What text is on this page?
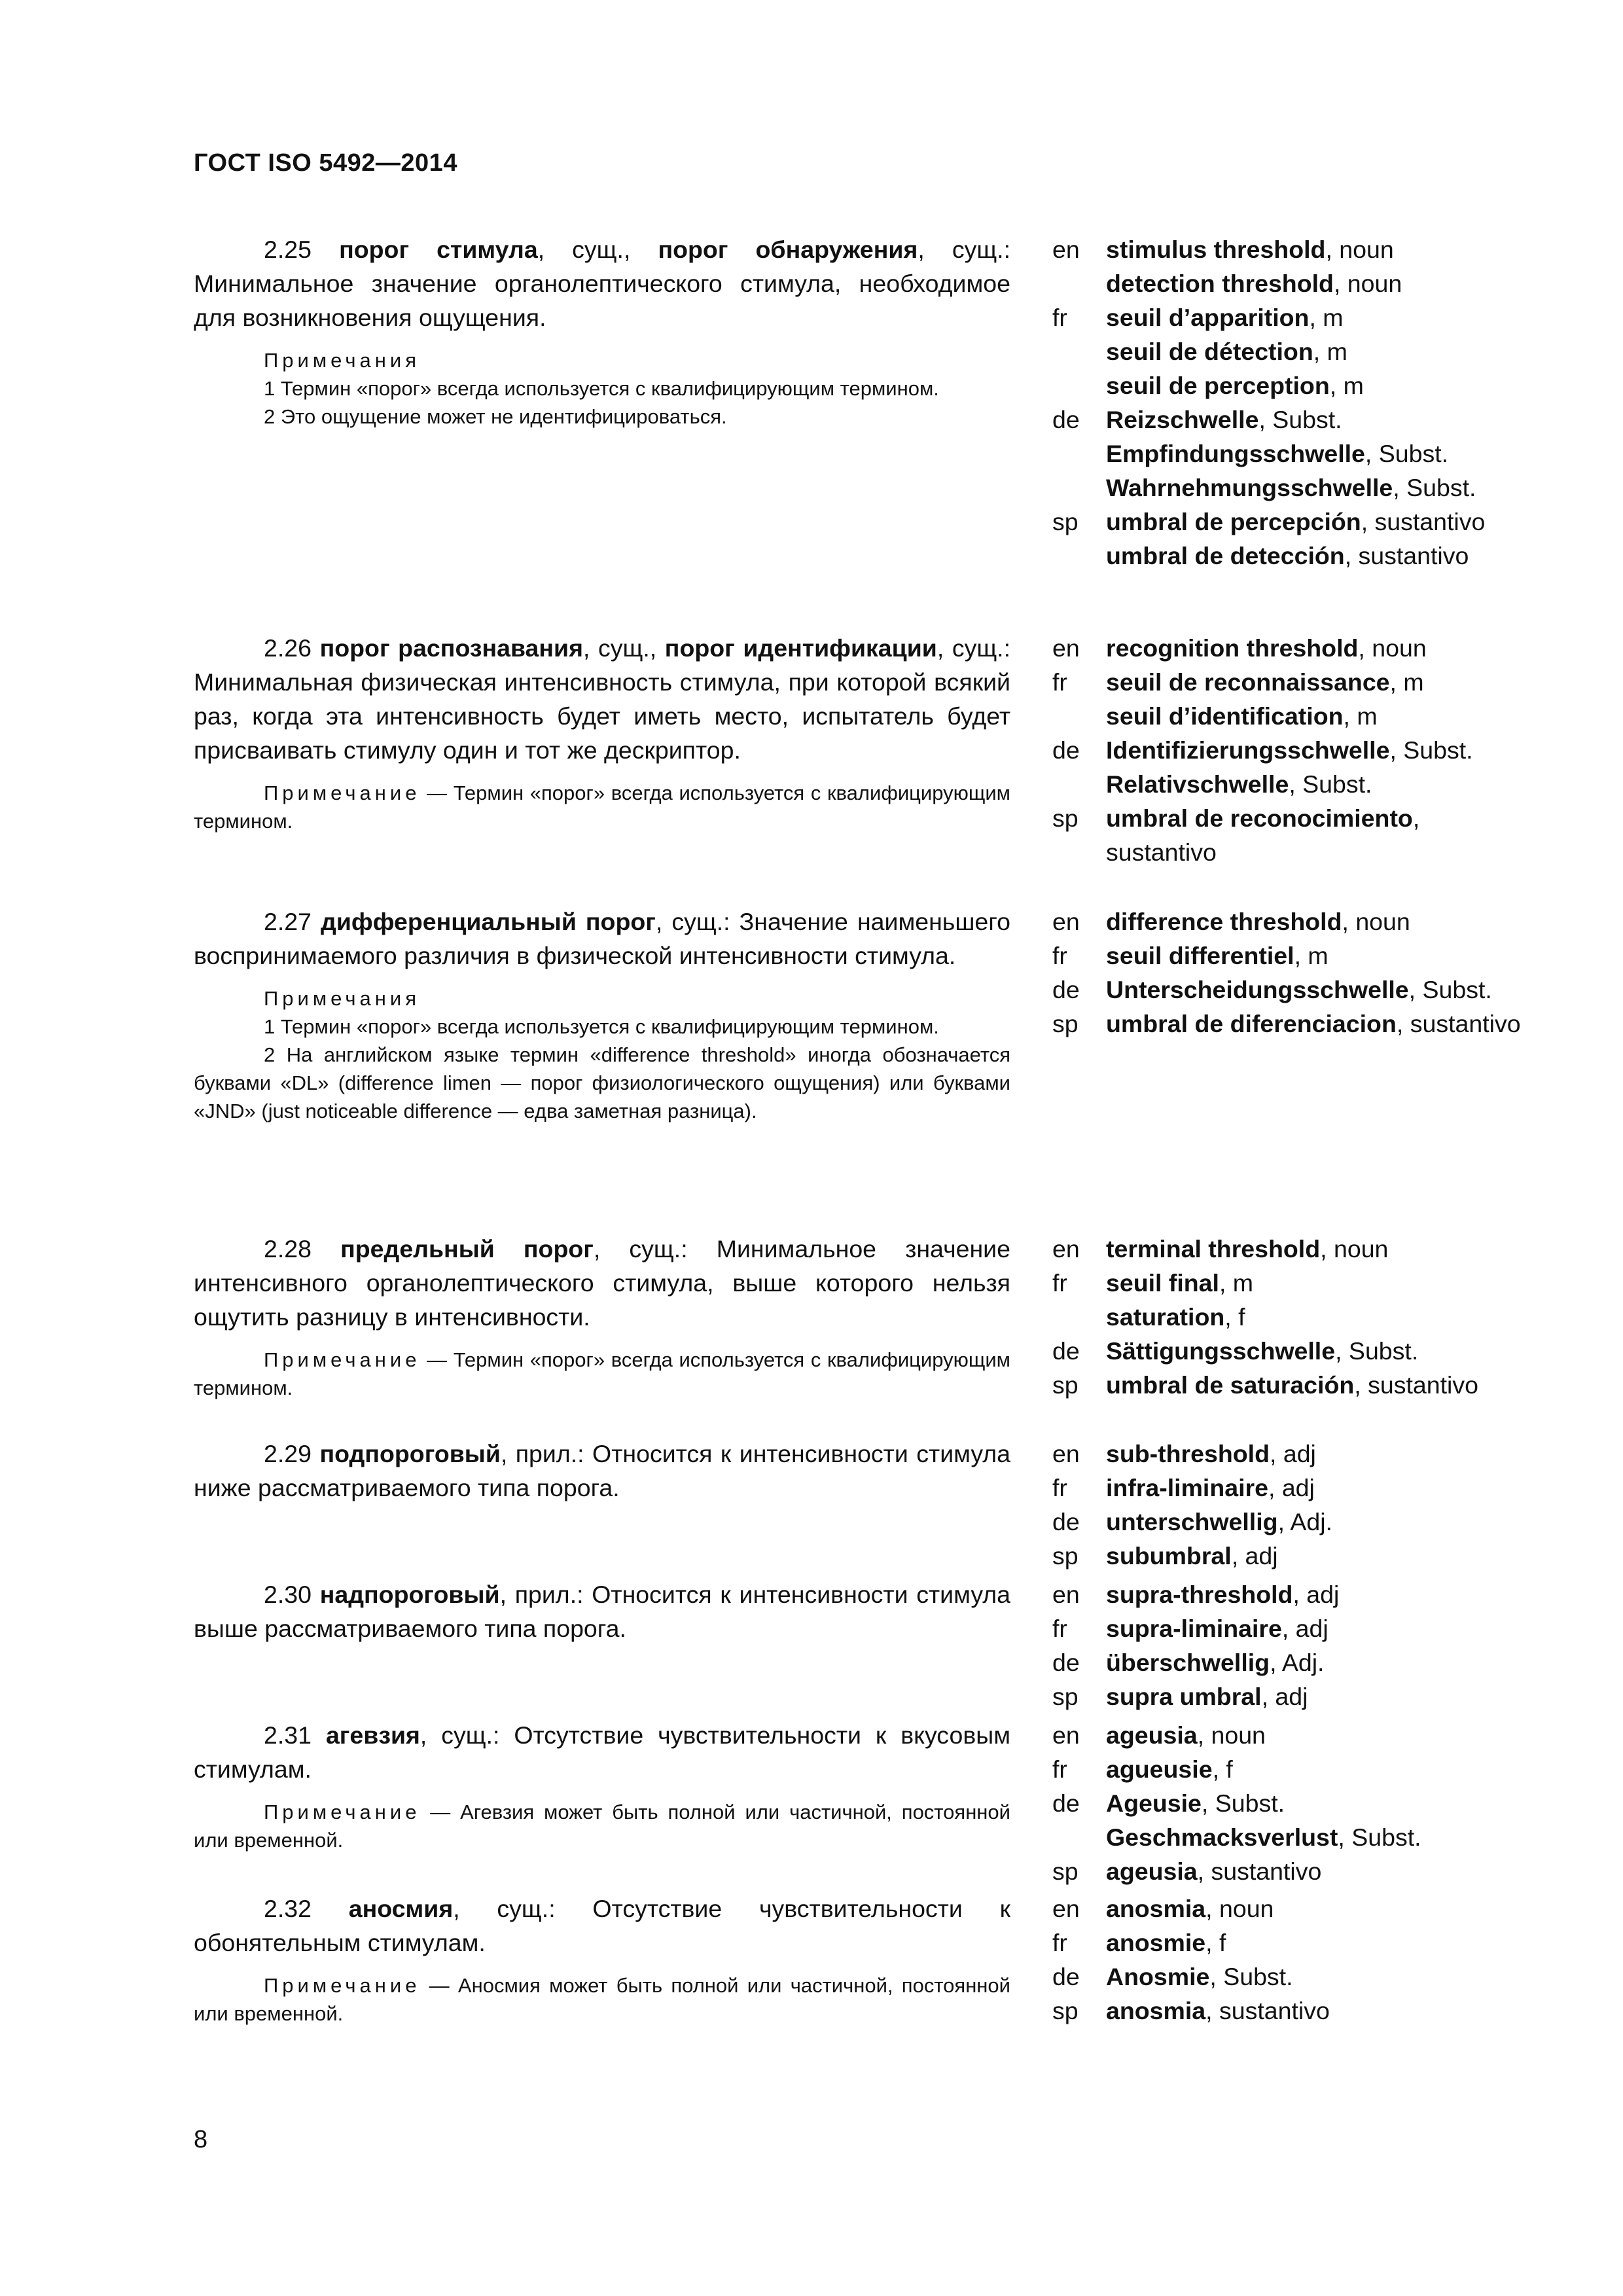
ГОСТ ISO 5492—2014

2.25 порог стимула, сущ., порог обнаружения, сущ.: Минимальное значение органолептического стимула, необходимое для возникновения ощущения.

Примечания

1 Термин «порог» всегда используется с квалифицирующим термином.

2 Это ощущение может не идентифицироваться.

en	stimulus threshold, noun

detection threshold, noun

fr	seuil d’apparition, m

seuil de détection, m

seuil de perception, m

de	Reizschwelle, Subst.

Empfindungsschwelle, Subst.

Wahrnehmungsschwelle, Subst.

sp	umbral de percepción, sustantivo

umbral de detección, sustantivo

2.26 порог распознавания, сущ., порог идентификации, сущ.: Минимальная физическая интенсивность стимула, при которой всякий раз, когда эта интенсивность будет иметь место, испытатель будет присваивать стимулу один и тот же дескриптор.

Примечание — Термин «порог» всегда используется с квалифицирующим термином.

en	recognition threshold, noun

fr	seuil de reconnaissance, m

seuil d’identification, m

de	Identifizierungsschwelle, Subst.

Relativschwelle, Subst.

sp	umbral de reconocimiento, sustantivo

2.27 дифференциальный порог, сущ.: Значение наименьшего воспринимаемого различия в физической интенсивности стимула.

Примечания

1 Термин «порог» всегда используется с квалифицирующим термином.

2 На английском языке термин «difference threshold» иногда обозначается буквами «DL» (difference limen — порог физиологического ощущения) или буквами «JND» (just noticeable difference — едва заметная разница).

en	difference threshold, noun

fr	seuil differentiel, m

de	Unterscheidungsschwelle, Subst.

sp	umbral de diferenciacion, sustantivo

2.28 предельный порог, сущ.: Минимальное значение интенсивного органолептического стимула, выше которого нельзя ощутить разницу в интенсивности.

Примечание — Термин «порог» всегда используется с квалифицирующим термином.

en	terminal threshold, noun

fr	seuil final, m

saturation, f

de	Sättigungsschwelle, Subst.

sp	umbral de saturación, sustantivo

2.29 подпороговый, прил.: Относится к интенсивности стимула ниже рассматриваемого типа порога.

en	sub-threshold, adj

fr	infra-liminaire, adj

de	unterschwellig, Adj.

sp	subumbral, adj

2.30 надпороговый, прил.: Относится к интенсивности стимула выше рассматриваемого типа порога.

en	supra-threshold, adj

fr	supra-liminaire, adj

de	überschwellig, Adj.

sp	supra umbral, adj

2.31 агевзия, сущ.: Отсутствие чувствительности к вкусовым стимулам.

Примечание — Агевзия может быть полной или частичной, постоянной или временной.

en	ageusia, noun

fr	agueusie, f

de	Ageusie, Subst.

Geschmacksverlust, Subst.

sp	ageusia, sustantivo

2.32 аносмия, сущ.: Отсутствие чувствительности к обонятельным стимулам.

Примечание — Аносмия может быть полной или частичной, постоянной или временной.

en	anosmia, noun

fr	anosmie, f

de	Anosmie, Subst.

sp	anosmia, sustantivo

8
